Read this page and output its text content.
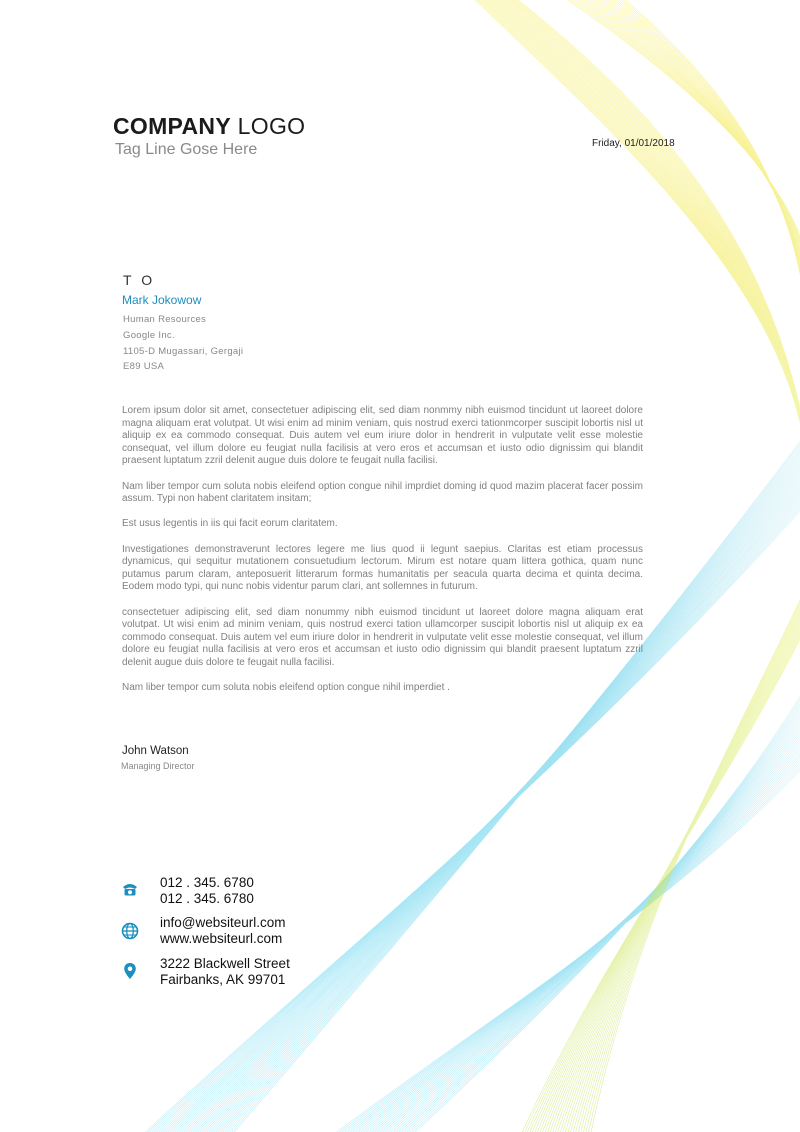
COMPANY LOGO
Tag Line Gose Here	Friday, 01/01/2018
T O
Mark Jokowow
Human Resources
Google Inc.
1105-D Mugassari, Gergaji
E89 USA

Lorem ipsum dolor sit amet, consectetuer adipiscing elit, sed diam nonmmy nibh euismod tincidunt ut laoreet dolore magna aliquam erat volutpat. Ut wisi enim ad minim veniam, quis nostrud exerci tationmcorper suscipit lobortis nisl ut aliquip ex ea commodo consequat. Duis autem vel eum iriure dolor in hendrerit in vulputate velit esse molestie consequat, vel illum dolore eu feugiat nulla facilisis at vero eros et accumsan et iusto odio dignissim qui blandit praesent luptatum zzril delenit augue duis dolore te feugait nulla facilisi.

Nam liber tempor cum soluta nobis eleifend option congue nihil imprdiet doming id quod mazim placerat facer possim assum. Typi non habent claritatem insitam;

Est usus legentis in iis qui facit eorum claritatem.

Investigationes demonstraverunt lectores legere me lius quod ii legunt saepius. Claritas est etiam processus dynamicus, qui sequitur mutationem consuetudium lectorum. Mirum est notare quam littera gothica, quam nunc putamus parum claram, anteposuerit litterarum formas humanitatis per seacula quarta decima et quinta decima. Eodem modo typi, qui nunc nobis videntur parum clari, ant sollemnes in futurum.

consectetuer adipiscing elit, sed diam nonummy nibh euismod tincidunt ut laoreet dolore magna aliquam erat volutpat. Ut wisi enim ad minim veniam, quis nostrud exerci tation ullamcorper suscipit lobortis nisl ut aliquip ex ea commodo consequat. Duis autem vel eum iriure dolor in hendrerit in vulputate velit esse molestie consequat, vel illum dolore eu feugiat nulla facilisis at vero eros et accumsan et iusto odio dignissim qui blandit praesent luptatum zzril delenit augue duis dolore te feugait nulla facilisi.

Nam liber tempor cum soluta nobis eleifend option congue nihil imperdiet .

John Watson
Managing Director
012 . 345. 6780
012 . 345. 6780
info@websiteurl.com
www.websiteurl.com
3222 Blackwell Street
Fairbanks, AK 99701
